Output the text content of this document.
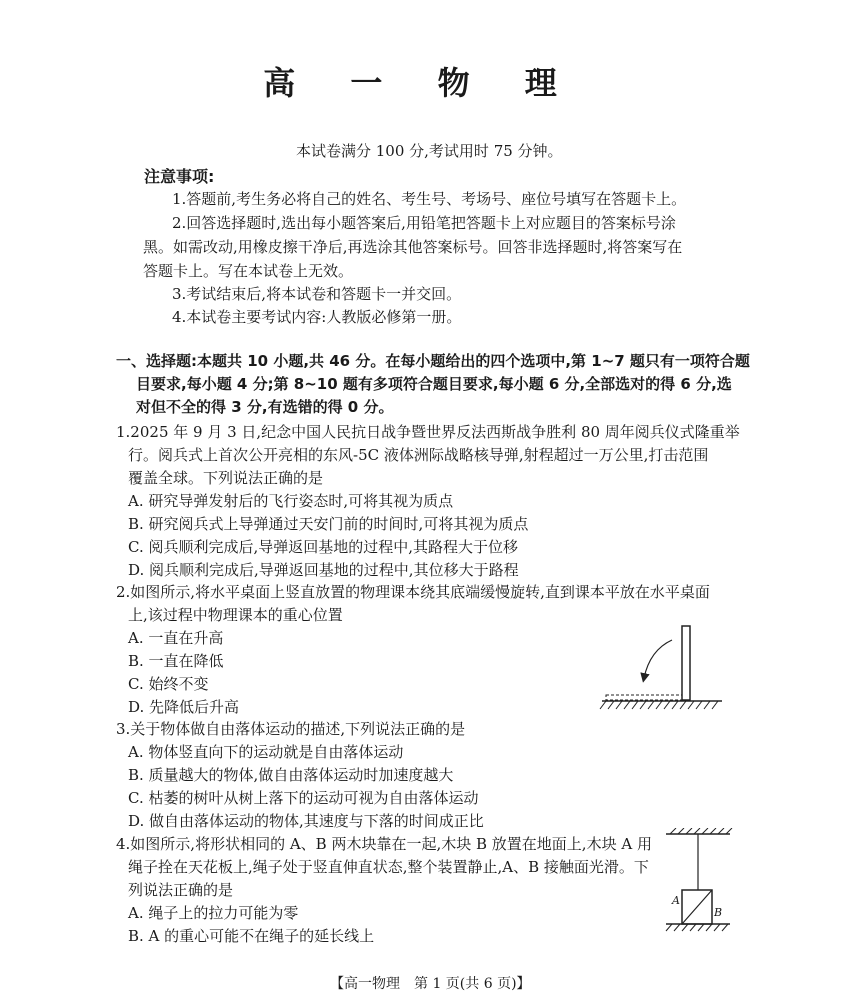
高 一 物 理
本试卷满分 100 分,考试用时 75 分钟。
注意事项:
1.答题前,考生务必将自己的姓名、考生号、考场号、座位号填写在答题卡上。
2.回答选择题时,选出每小题答案后,用铅笔把答题卡上对应题目的答案标号涂
黑。如需改动,用橡皮擦干净后,再选涂其他答案标号。回答非选择题时,将答案写在
答题卡上。写在本试卷上无效。
3.考试结束后,将本试卷和答题卡一并交回。
4.本试卷主要考试内容:人教版必修第一册。
一、选择题:本题共 10 小题,共 46 分。在每小题给出的四个选项中,第 1~7 题只有一项符合题
目要求,每小题 4 分;第 8~10 题有多项符合题目要求,每小题 6 分,全部选对的得 6 分,选
对但不全的得 3 分,有选错的得 0 分。
1.2025 年 9 月 3 日,纪念中国人民抗日战争暨世界反法西斯战争胜利 80 周年阅兵仪式隆重举
行。阅兵式上首次公开亮相的东风-5C 液体洲际战略核导弹,射程超过一万公里,打击范围
覆盖全球。下列说法正确的是
A. 研究导弹发射后的飞行姿态时,可将其视为质点
B. 研究阅兵式上导弹通过天安门前的时间时,可将其视为质点
C. 阅兵顺利完成后,导弹返回基地的过程中,其路程大于位移
D. 阅兵顺利完成后,导弹返回基地的过程中,其位移大于路程
2.如图所示,将水平桌面上竖直放置的物理课本绕其底端缓慢旋转,直到课本平放在水平桌面
上,该过程中物理课本的重心位置
A. 一直在升高
B. 一直在降低
C. 始终不变
D. 先降低后升高
3.关于物体做自由落体运动的描述,下列说法正确的是
A. 物体竖直向下的运动就是自由落体运动
B. 质量越大的物体,做自由落体运动时加速度越大
C. 枯萎的树叶从树上落下的运动可视为自由落体运动
D. 做自由落体运动的物体,其速度与下落的时间成正比
4.如图所示,将形状相同的 A、B 两木块靠在一起,木块 B 放置在地面上,木块 A 用
绳子拴在天花板上,绳子处于竖直伸直状态,整个装置静止,A、B 接触面光滑。下
列说法正确的是
A. 绳子上的拉力可能为零
B. A 的重心可能不在绳子的延长线上
A
B
【高一物理　第 1 页(共 6 页)】
